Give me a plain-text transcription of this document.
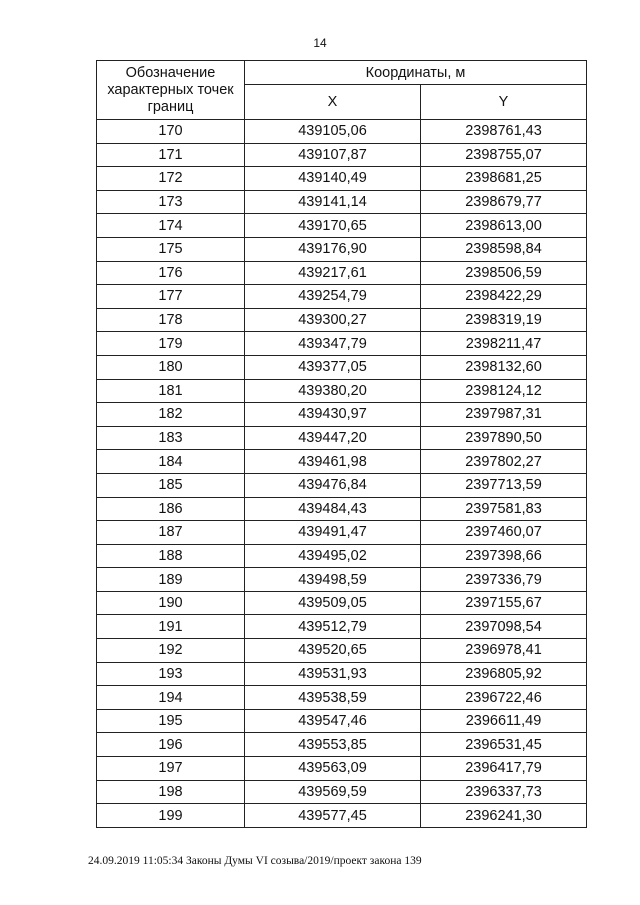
14
Обозначение характерных точек границ	Координаты, м	
	X	Y
170	439105,06	2398761,43
171	439107,87	2398755,07
172	439140,49	2398681,25
173	439141,14	2398679,77
174	439170,65	2398613,00
175	439176,90	2398598,84
176	439217,61	2398506,59
177	439254,79	2398422,29
178	439300,27	2398319,19
179	439347,79	2398211,47
180	439377,05	2398132,60
181	439380,20	2398124,12
182	439430,97	2397987,31
183	439447,20	2397890,50
184	439461,98	2397802,27
185	439476,84	2397713,59
186	439484,43	2397581,83
187	439491,47	2397460,07
188	439495,02	2397398,66
189	439498,59	2397336,79
190	439509,05	2397155,67
191	439512,79	2397098,54
192	439520,65	2396978,41
193	439531,93	2396805,92
194	439538,59	2396722,46
195	439547,46	2396611,49
196	439553,85	2396531,45
197	439563,09	2396417,79
198	439569,59	2396337,73
199	439577,45	2396241,30
24.09.2019 11:05:34 Законы Думы VI созыва/2019/проект закона 139
